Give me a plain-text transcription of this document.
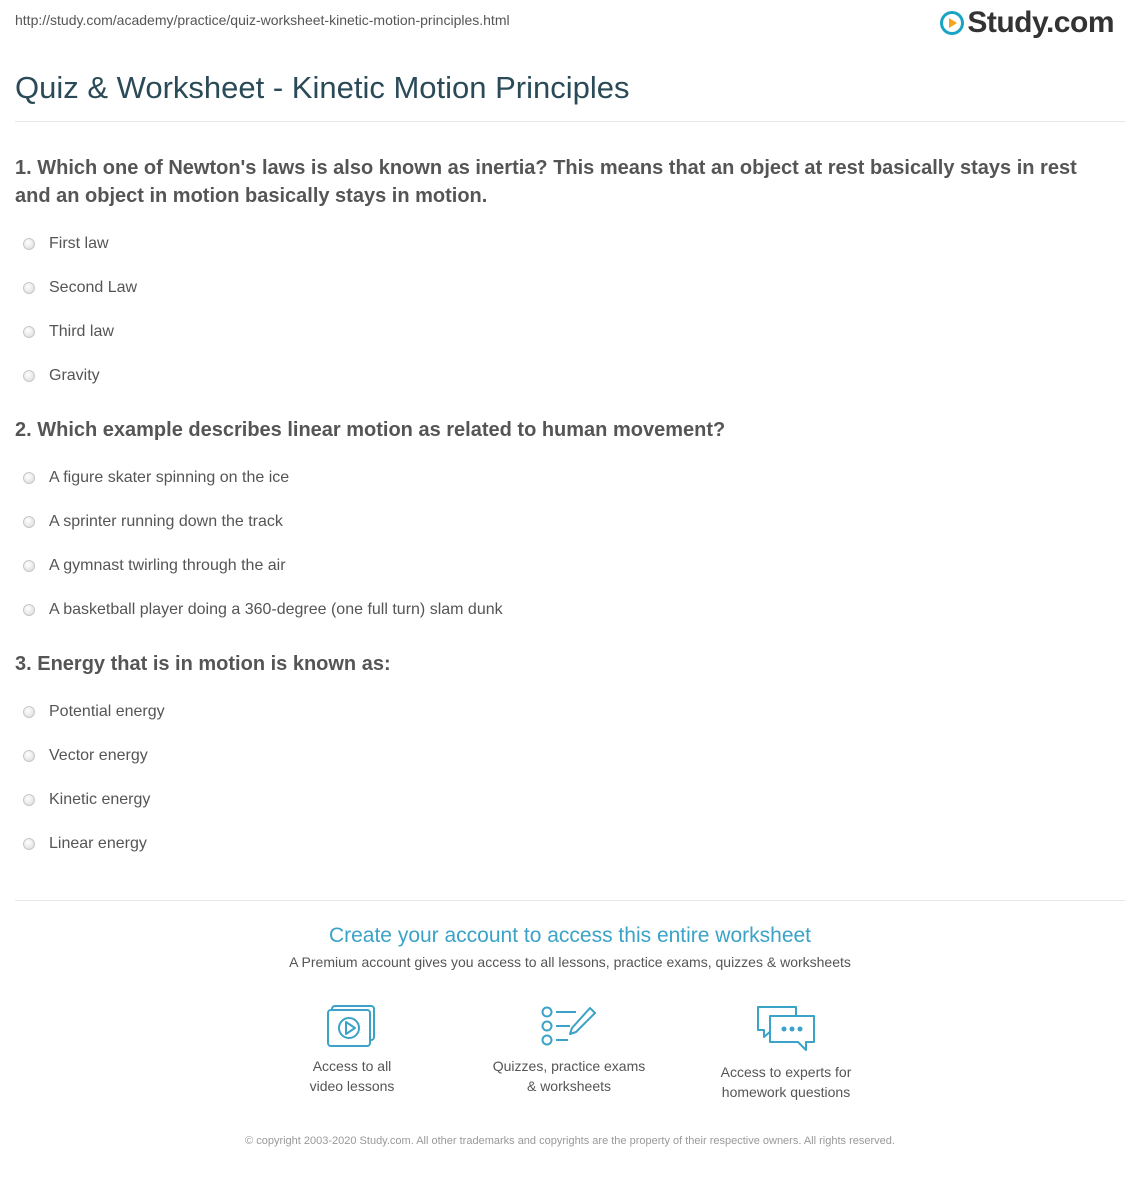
http://study.com/academy/practice/quiz-worksheet-kinetic-motion-principles.html	Study.com
Quiz & Worksheet - Kinetic Motion Principles

1. Which one of Newton's laws is also known as inertia? This means that an object at rest basically stays in rest and an object in motion basically stays in motion.

First law
Second Law
Third law
Gravity

2. Which example describes linear motion as related to human movement?

A figure skater spinning on the ice
A sprinter running down the track
A gymnast twirling through the air
A basketball player doing a 360-degree (one full turn) slam dunk

3. Energy that is in motion is known as:

Potential energy
Vector energy
Kinetic energy
Linear energy

Create your account to access this entire worksheet

A Premium account gives you access to all lessons, practice exams, quizzes & worksheets
Access to all
video lessons
Quizzes, practice exams
& worksheets
Access to experts for
homework questions
© copyright 2003-2020 Study.com. All other trademarks and copyrights are the property of their respective owners. All rights reserved.
